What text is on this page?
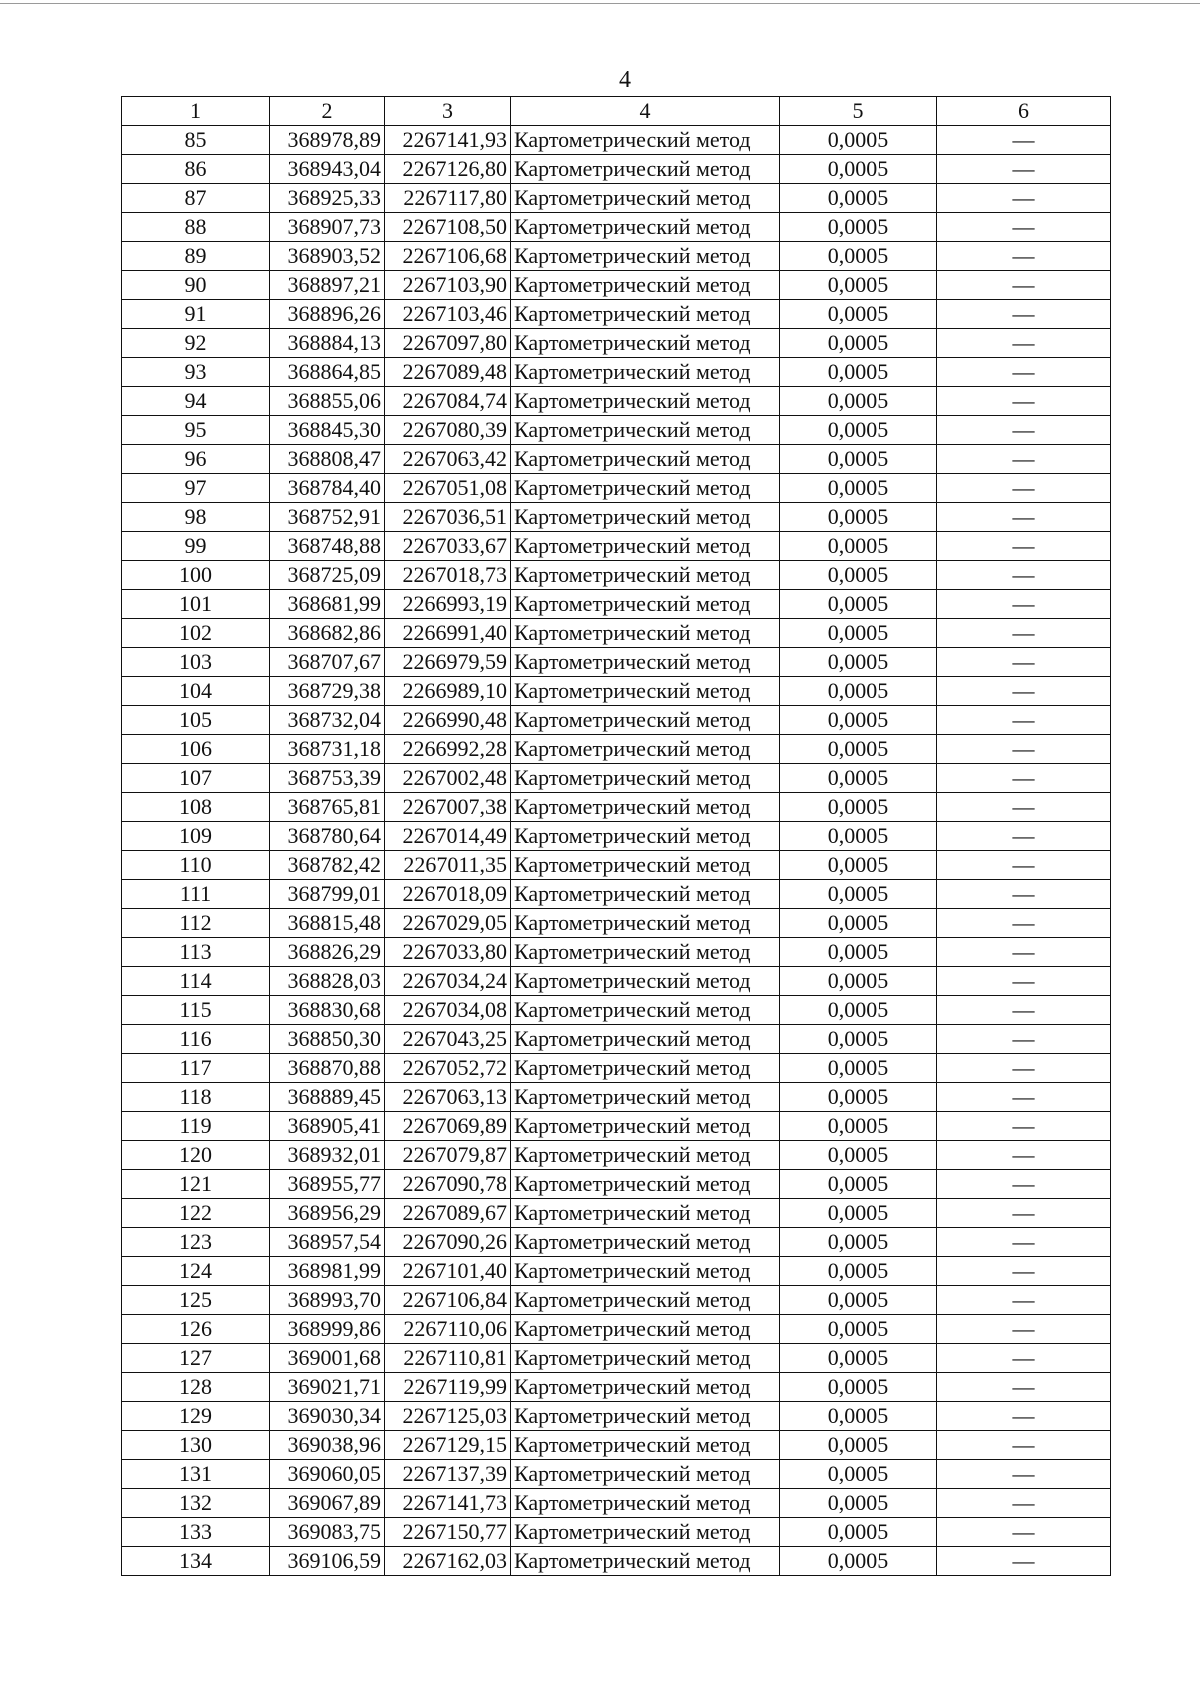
4
1	2	3	4	5	6
85	368978,89	2267141,93	Картометрический метод	0,0005	—
86	368943,04	2267126,80	Картометрический метод	0,0005	—
87	368925,33	2267117,80	Картометрический метод	0,0005	—
88	368907,73	2267108,50	Картометрический метод	0,0005	—
89	368903,52	2267106,68	Картометрический метод	0,0005	—
90	368897,21	2267103,90	Картометрический метод	0,0005	—
91	368896,26	2267103,46	Картометрический метод	0,0005	—
92	368884,13	2267097,80	Картометрический метод	0,0005	—
93	368864,85	2267089,48	Картометрический метод	0,0005	—
94	368855,06	2267084,74	Картометрический метод	0,0005	—
95	368845,30	2267080,39	Картометрический метод	0,0005	—
96	368808,47	2267063,42	Картометрический метод	0,0005	—
97	368784,40	2267051,08	Картометрический метод	0,0005	—
98	368752,91	2267036,51	Картометрический метод	0,0005	—
99	368748,88	2267033,67	Картометрический метод	0,0005	—
100	368725,09	2267018,73	Картометрический метод	0,0005	—
101	368681,99	2266993,19	Картометрический метод	0,0005	—
102	368682,86	2266991,40	Картометрический метод	0,0005	—
103	368707,67	2266979,59	Картометрический метод	0,0005	—
104	368729,38	2266989,10	Картометрический метод	0,0005	—
105	368732,04	2266990,48	Картометрический метод	0,0005	—
106	368731,18	2266992,28	Картометрический метод	0,0005	—
107	368753,39	2267002,48	Картометрический метод	0,0005	—
108	368765,81	2267007,38	Картометрический метод	0,0005	—
109	368780,64	2267014,49	Картометрический метод	0,0005	—
110	368782,42	2267011,35	Картометрический метод	0,0005	—
111	368799,01	2267018,09	Картометрический метод	0,0005	—
112	368815,48	2267029,05	Картометрический метод	0,0005	—
113	368826,29	2267033,80	Картометрический метод	0,0005	—
114	368828,03	2267034,24	Картометрический метод	0,0005	—
115	368830,68	2267034,08	Картометрический метод	0,0005	—
116	368850,30	2267043,25	Картометрический метод	0,0005	—
117	368870,88	2267052,72	Картометрический метод	0,0005	—
118	368889,45	2267063,13	Картометрический метод	0,0005	—
119	368905,41	2267069,89	Картометрический метод	0,0005	—
120	368932,01	2267079,87	Картометрический метод	0,0005	—
121	368955,77	2267090,78	Картометрический метод	0,0005	—
122	368956,29	2267089,67	Картометрический метод	0,0005	—
123	368957,54	2267090,26	Картометрический метод	0,0005	—
124	368981,99	2267101,40	Картометрический метод	0,0005	—
125	368993,70	2267106,84	Картометрический метод	0,0005	—
126	368999,86	2267110,06	Картометрический метод	0,0005	—
127	369001,68	2267110,81	Картометрический метод	0,0005	—
128	369021,71	2267119,99	Картометрический метод	0,0005	—
129	369030,34	2267125,03	Картометрический метод	0,0005	—
130	369038,96	2267129,15	Картометрический метод	0,0005	—
131	369060,05	2267137,39	Картометрический метод	0,0005	—
132	369067,89	2267141,73	Картометрический метод	0,0005	—
133	369083,75	2267150,77	Картометрический метод	0,0005	—
134	369106,59	2267162,03	Картометрический метод	0,0005	—
